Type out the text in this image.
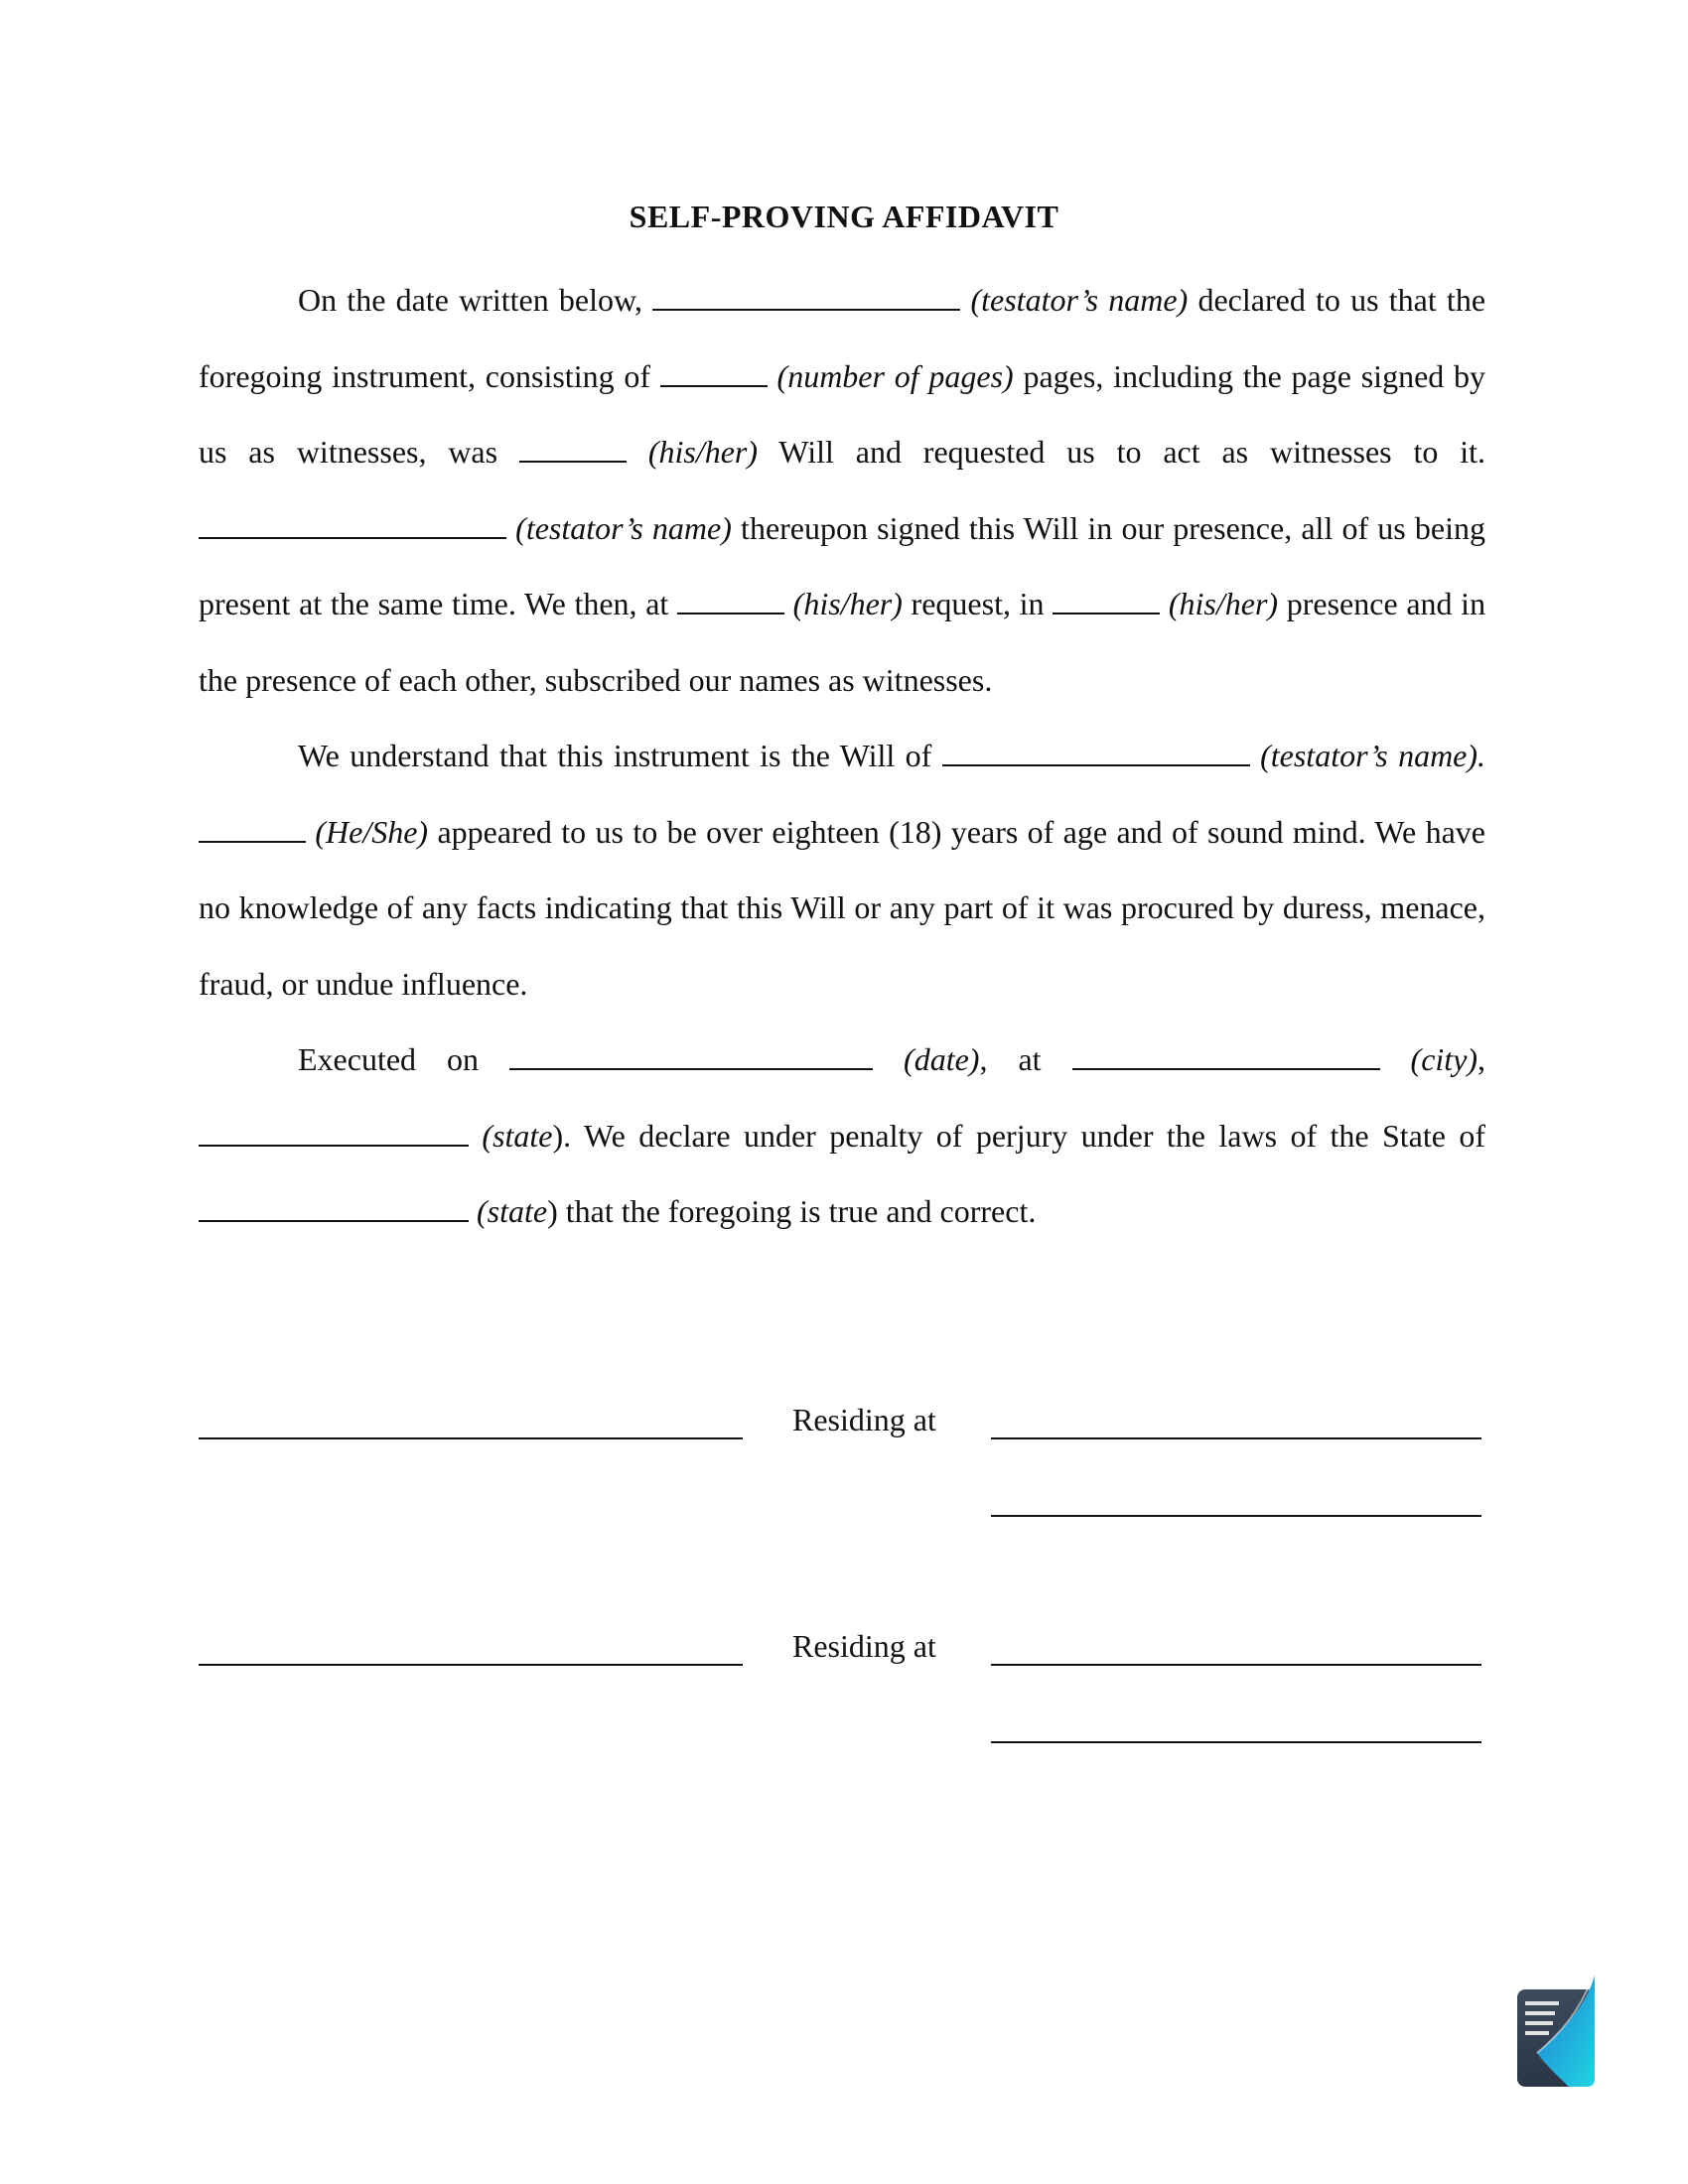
SELF-PROVING AFFIDAVIT

On the date written below,	(testator’s name) declared to us that the foregoing instrument, consisting of	(number of pages) pages, including the page signed by us as witnesses, was	(his/her) Will and requested us to act as witnesses to it.  (testator’s name) thereupon signed this Will in our presence, all of us being present at the same time. We then, at	(his/her) request, in	(his/her) presence and in the presence of each other, subscribed our names as witnesses.

We understand that this instrument is the Will of	(testator’s name).  (He/She) appeared to us to be over eighteen (18) years of age and of sound mind. We have no knowledge of any facts indicating that this Will or any part of it was procured by duress, menace, fraud, or undue influence.

Executed on	(date), at	(city),  (state). We declare under penalty of perjury under the laws of the State of  (state) that the foregoing is true and correct.

Residing at
Residing at
